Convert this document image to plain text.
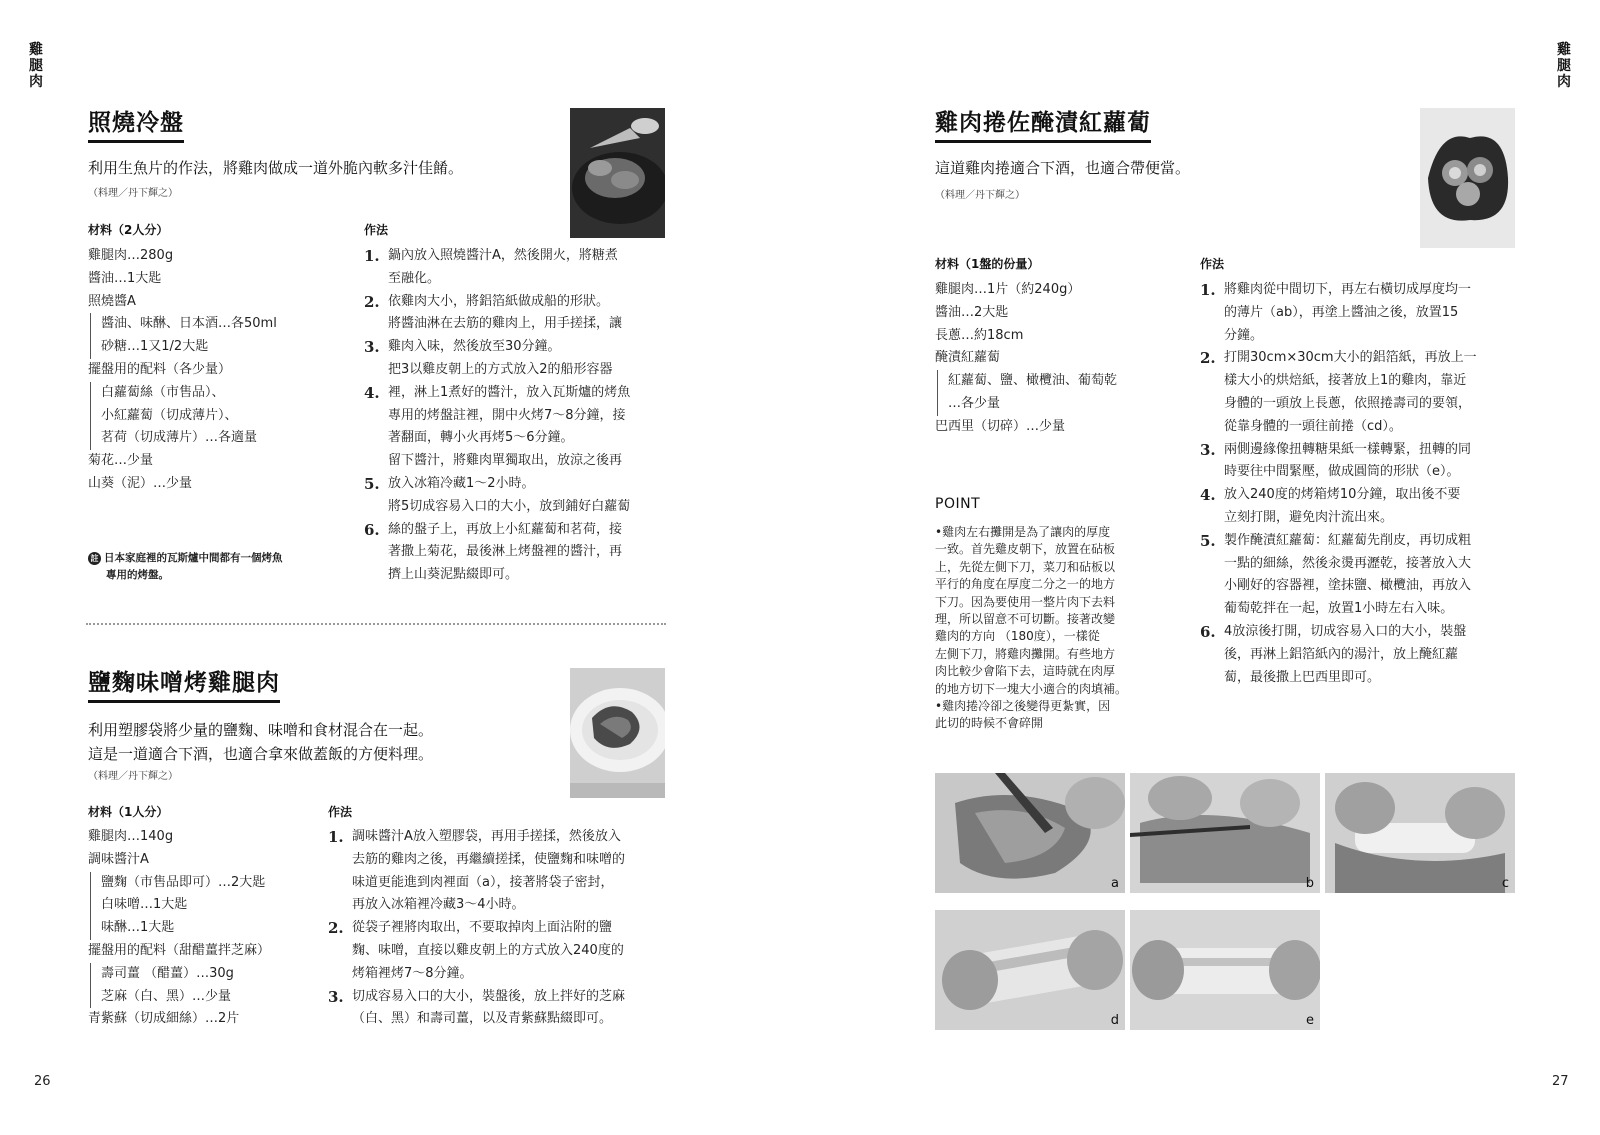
雞
腿
肉
雞
腿
肉
照燒冷盤
利用生魚片的作法，將雞肉做成一道外脆內軟多汁佳餚。
（料理／丹下輝之）
材料（2人分）
雞腿肉…280g
醬油…1大匙
照燒醬A
醬油、味醂、日本酒…各50ml
砂糖…1又1/2大匙
擺盤用的配料（各少量）
白蘿蔔絲（市售品）、
小紅蘿蔔（切成薄片）、
茗荷（切成薄片）…各適量
菊花…少量
山葵（泥）…少量
作法
1. 鍋內放入照燒醬汁A，然後開火，將糖煮
至融化。
2. 依雞肉大小，將鋁箔紙做成船的形狀。
將醬油淋在去筋的雞肉上，用手搓揉，讓
3. 雞肉入味，然後放至30分鐘。
把3以雞皮朝上的方式放入2的船形容器
4. 裡，淋上1煮好的醬汁，放入瓦斯爐的烤魚
專用的烤盤註裡，開中火烤7～8分鐘，接
著翻面，轉小火再烤5～6分鐘。
留下醬汁，將雞肉單獨取出，放涼之後再
5. 放入冰箱冷藏1～2小時。
將5切成容易入口的大小，放到鋪好白蘿蔔
6. 絲的盤子上，再放上小紅蘿蔔和茗荷，接
著撒上菊花，最後淋上烤盤裡的醬汁，再
擠上山葵泥點綴即可。
註 日本家庭裡的瓦斯爐中間都有一個烤魚
專用的烤盤。
鹽麴味噌烤雞腿肉
利用塑膠袋將少量的鹽麴、味噌和食材混合在一起。
這是一道適合下酒，也適合拿來做蓋飯的方便料理。
（料理／丹下輝之）
材料（1人分）
雞腿肉…140g
調味醬汁A
鹽麴（市售品即可）…2大匙
白味噌…1大匙
味醂…1大匙
擺盤用的配料（甜醋薑拌芝麻）
壽司薑 （醋薑）…30g
芝麻（白、黑）…少量
青紫蘇（切成細絲）…2片
作法
1. 調味醬汁A放入塑膠袋，再用手搓揉，然後放入
去筋的雞肉之後，再繼續搓揉，使鹽麴和味噌的
味道更能進到肉裡面（a），接著將袋子密封，
再放入冰箱裡冷藏3～4小時。
2. 從袋子裡將肉取出，不要取掉肉上面沾附的鹽
麴、味噌，直接以雞皮朝上的方式放入240度的
烤箱裡烤7～8分鐘。
3. 切成容易入口的大小，裝盤後，放上拌好的芝麻
（白、黑）和壽司薑，以及青紫蘇點綴即可。
26
雞肉捲佐醃漬紅蘿蔔
這道雞肉捲適合下酒，也適合帶便當。
（料理／丹下輝之）
材料（1盤的份量）
雞腿肉…1片（約240g）
醬油…2大匙
長蔥…約18cm
醃漬紅蘿蔔
紅蘿蔔、鹽、橄欖油、葡萄乾
…各少量
巴西里（切碎）…少量
POINT
•雞肉左右攤開是為了讓肉的厚度
一致。首先雞皮朝下，放置在砧板
上，先從左側下刀，菜刀和砧板以
平行的角度在厚度二分之一的地方
下刀。因為要使用一整片肉下去料
理，所以留意不可切斷。接著改變
雞肉的方向 （180度），一樣從
左側下刀，將雞肉攤開。有些地方
肉比較少會陷下去，這時就在肉厚
的地方切下一塊大小適合的肉填補。
•雞肉捲冷卻之後變得更紮實，因
此切的時候不會碎開
作法
1. 將雞肉從中間切下，再左右橫切成厚度均一
的薄片（ab），再塗上醬油之後，放置15
分鐘。
2. 打開30cm×30cm大小的鋁箔紙，再放上一
樣大小的烘焙紙，接著放上1的雞肉，靠近
身體的一頭放上長蔥，依照捲壽司的要領，
從靠身體的一頭往前捲（cd）。
3. 兩側邊緣像扭轉糖果紙一樣轉緊，扭轉的同
時要往中間緊壓，做成圓筒的形狀（e）。
4. 放入240度的烤箱烤10分鐘，取出後不要
立刻打開，避免肉汁流出來。
5. 製作醃漬紅蘿蔔：紅蘿蔔先削皮，再切成粗
一點的細絲，然後汆燙再瀝乾，接著放入大
小剛好的容器裡，塗抹鹽、橄欖油，再放入
葡萄乾拌在一起，放置1小時左右入味。
6. 4放涼後打開，切成容易入口的大小，裝盤
後，再淋上鋁箔紙內的湯汁，放上醃紅蘿
蔔，最後撒上巴西里即可。
a	b	c
d	e
27
